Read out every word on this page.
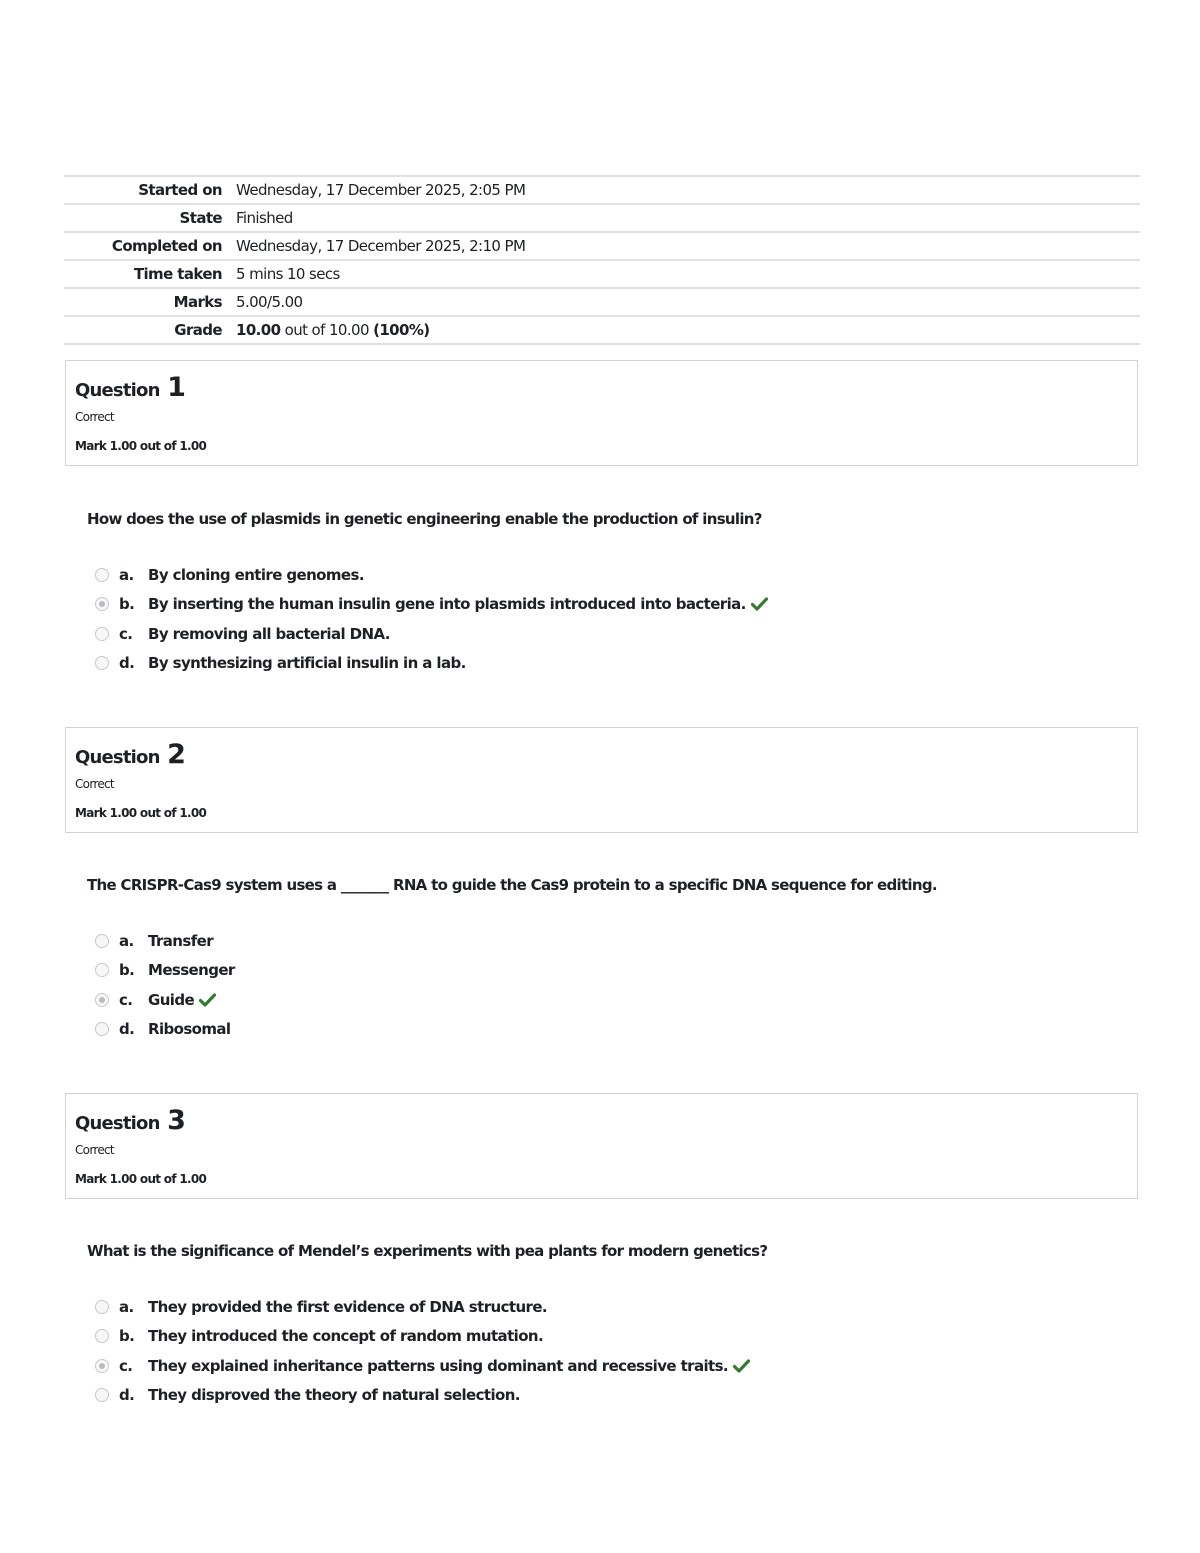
Started on Wednesday, 17 December 2025, 2:05 PM
State Finished
Completed on Wednesday, 17 December 2025, 2:10 PM
Time taken 5 mins 10 secs
Marks 5.00/5.00
Grade 10.00 out of 10.00 (100%)
Question 1
Correct
Mark 1.00 out of 1.00
How does the use of plasmids in genetic engineering enable the production of insulin?
a. By cloning entire genomes.
b. By inserting the human insulin gene into plasmids introduced into bacteria.
c.	By removing all bacterial DNA.
d. By synthesizing artificial insulin in a lab.
Question 2
Correct
Mark 1.00 out of 1.00
The CRISPR-Cas9 system uses a _______ RNA to guide the Cas9 protein to a specific DNA sequence for editing.
a. Transfer
b. Messenger
c.	Guide
d. Ribosomal
Question 3
Correct
Mark 1.00 out of 1.00
What is the significance of Mendel’s experiments with pea plants for modern genetics?
a. They provided the first evidence of DNA structure.
b. They introduced the concept of random mutation.
c.	They explained inheritance patterns using dominant and recessive traits.
d. They disproved the theory of natural selection.
